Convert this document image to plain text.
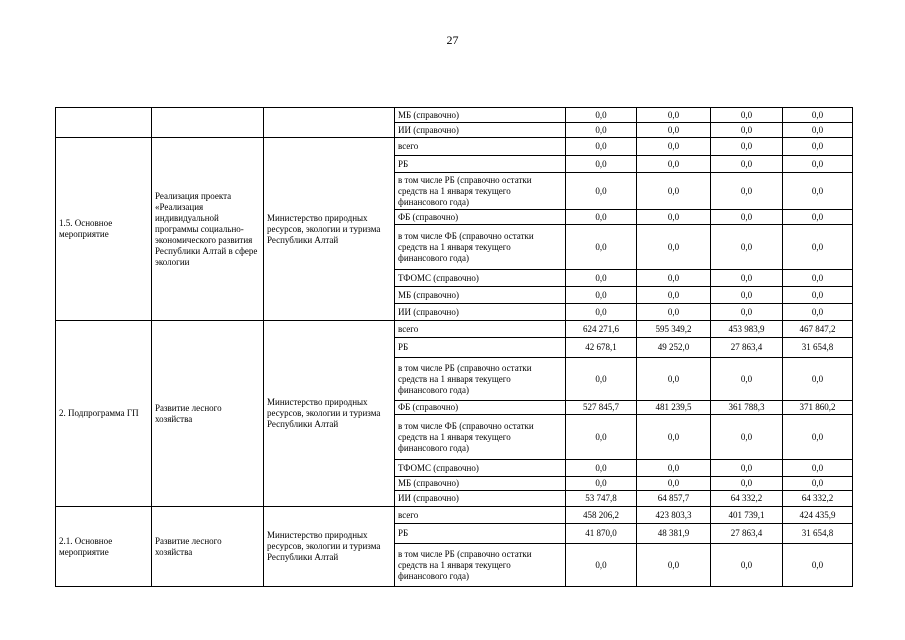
27
			МБ (справочно)	0,0	0,0	0,0	0,0
			ИИ (справочно)	0,0	0,0	0,0	0,0
1.5. Основное мероприятие	Реализация проекта «Реализация индивидуальной программы социально-экономического развития Республики Алтай в сфере экологии	Министерство природных ресурсов, экологии и туризма Республики Алтай	всего	0,0	0,0	0,0	0,0
			РБ	0,0	0,0	0,0	0,0
			в том числе РБ (справочно остатки средств на 1 января текущего финансового года)	0,0	0,0	0,0	0,0
			ФБ (справочно)	0,0	0,0	0,0	0,0
			в том числе ФБ (справочно остатки средств на 1 января текущего финансового года)	0,0	0,0	0,0	0,0
			ТФОМС (справочно)	0,0	0,0	0,0	0,0
			МБ (справочно)	0,0	0,0	0,0	0,0
			ИИ (справочно)	0,0	0,0	0,0	0,0
2. Подпрограмма ГП	Развитие лесного хозяйства	Министерство природных ресурсов, экологии и туризма Республики Алтай	всего	624 271,6	595 349,2	453 983,9	467 847,2
			РБ	42 678,1	49 252,0	27 863,4	31 654,8
			в том числе РБ (справочно остатки средств на 1 января текущего финансового года)	0,0	0,0	0,0	0,0
			ФБ (справочно)	527 845,7	481 239,5	361 788,3	371 860,2
			в том числе ФБ (справочно остатки средств на 1 января текущего финансового года)	0,0	0,0	0,0	0,0
			ТФОМС (справочно)	0,0	0,0	0,0	0,0
			МБ (справочно)	0,0	0,0	0,0	0,0
			ИИ (справочно)	53 747,8	64 857,7	64 332,2	64 332,2
2.1. Основное мероприятие	Развитие лесного хозяйства	Министерство природных ресурсов, экологии и туризма Республики Алтай	всего	458 206,2	423 803,3	401 739,1	424 435,9
			РБ	41 870,0	48 381,9	27 863,4	31 654,8
			в том числе РБ (справочно остатки средств на 1 января текущего финансового года)	0,0	0,0	0,0	0,0
